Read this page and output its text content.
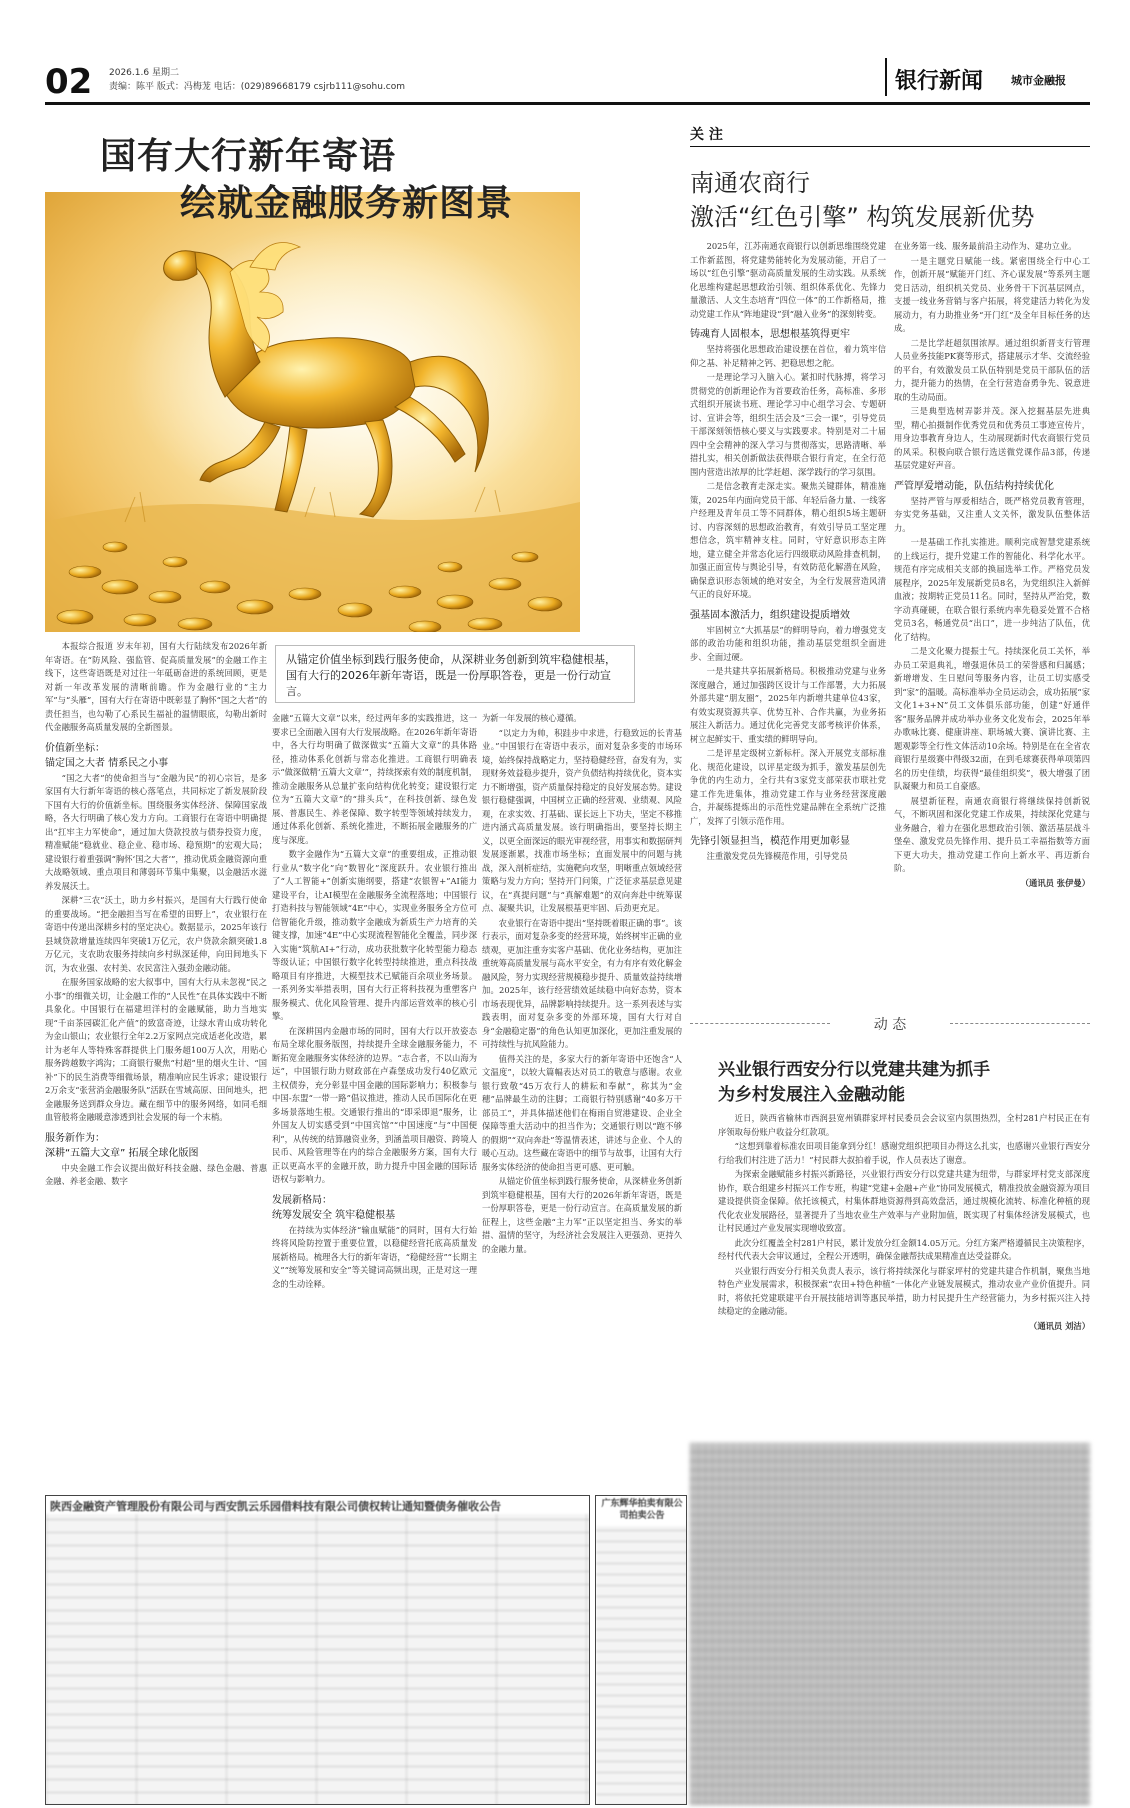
02 2026.1.6 星期二
责编：陈平 版式：冯梅茏 电话：(029)89668179 csjrb111@sohu.com	银行新闻	城市金融报
国有大行新年寄语
绘就金融服务新图景
从锚定价值坐标到践行服务使命，从深耕业务创新到筑牢稳健根基，国有大行的2026年新年寄语，既是一份厚职答卷，更是一份行动宣言。

本报综合报道 岁末年初，国有大行陆续发布2026年新年寄语。在“防风险、强监管、促高质量发展”的金融工作主线下，这些寄语既是对过往一年砥砺奋进的系统回顾，更是对新一年改革发展的清晰前瞻。作为金融行业的“主力军”与“头雁”，国有大行在寄语中既彰显了胸怀“国之大者”的责任担当，也勾勒了心系民生福祉的温情眼底，勾勒出新时代金融服务高质量发展的全新图景。

价值新坐标：
锚定国之大者 情系民之小事

“国之大者”的使命担当与“金融为民”的初心宗旨，是多家国有大行新年寄语的核心落笔点，共同标定了新发展阶段下国有大行的价值新坐标。围绕服务实体经济、保障国家战略，各大行明确了核心发力方向。工商银行在寄语中明确提出“扛牢主力军使命”，通过加大贷款投放与债券投资力度，精准赋能“稳就业、稳企业、稳市场、稳预期”的宏观大局；建设银行着重强调“胸怀‘国之大者’”，推动优质金融资源向重大战略领域、重点项目和薄弱环节集中集聚，以金融活水滋养发展沃土。

深耕“三农”沃土，助力乡村振兴，是国有大行践行使命的重要战场。“把金融担当写在希望的田野上”，农业银行在寄语中传递出深耕乡村的坚定决心。数据显示，2025年该行县域贷款增量连续四年突破1万亿元，农户贷款余额突破1.8万亿元，支农助农服务持续向乡村纵深延伸，向田间地头下沉，为农业强、农村美、农民富注入强劲金融动能。

在服务国家战略的宏大叙事中，国有大行从未忽视“民之小事”的细微关切，让金融工作的“人民性”在具体实践中不断具象化。中国银行在福建坦洋村的金融赋能，助力当地实现“千亩茶园碳汇化产值”的致富奇迹，让绿水青山成功转化为金山银山；农业银行全年2.2万家网点完成适老化改造，累计为老年人等特殊客群提供上门服务超100万人次，用贴心服务跨越数字鸿沟；工商银行聚焦“村超”里的烟火生计、“国补”下的民生消费等细微场景，精准响应民生诉求；建设银行2万余支“张营消金融服务队”活跃在雪域高原、田间地头，把金融服务送到群众身边。藏在细节中的服务网络，如同毛细血管般将金融暖意渗透到社会发展的每一个末梢。

服务新作为：
深耕“五篇大文章” 拓展全球化版图

中央金融工作会议提出做好科技金融、绿色金融、普惠金融、养老金融、数字

金融“五篇大文章”以来，经过两年多的实践推进，这一要求已全面融入国有大行发展战略。在2026年新年寄语中，各大行均明确了做深做实“五篇大文章”的具体路径，推动体系化创新与常态化推进。工商银行明确表示“做深做精‘五篇大文章’”，持续探索有效的制度机制，推动金融服务从总量扩张向结构优化转变；建设银行定位为“五篇大文章”的“排头兵”，在科技创新、绿色发展、普惠民生、养老保障、数字转型等领域持续发力，通过体系化创新、系统化推进，不断拓展金融服务的广度与深度。

数字金融作为“五篇大文章”的重要组成，正推动银行业从“数字化”向“数智化”深度跃升。农业银行推出了“人工智能+”创新实施纲要，搭建“农银智+”AI能力建设平台，让AI模型在金融服务全流程落地；中国银行打造科技与智能领域“4E”中心，实现业务服务全方位可信智能化升级，推动数字金融成为新质生产力培育的关键支撑，加速“4E”中心实现流程智能化全覆盖，同步深入实施“筑航AI+”行动，成功获批数字化转型能力稳态等级认证；中国银行数字化转型持续推进，重点科技战略项目有序推进，大模型技术已赋能百余项业务场景。一系列务实举措表明，国有大行正将科技视为重塑客户服务模式、优化风险管理、提升内部运营效率的核心引擎。

在深耕国内金融市场的同时，国有大行以开放姿态布局全球化服务版图，持续提升全球金融服务能力，不断拓宽金融服务实体经济的边界。“志合者，不以山海为远”，中国银行助力财政部在卢森堡成功发行40亿欧元主权债券，充分彰显中国金融的国际影响力；积极参与中国-东盟“一带一路”倡议推进，推动人民币国际化在更多场景落地生根。交通银行推出的“即采即退”服务，让外国友人切实感受到“中国宾馆”“中国速度”与“中国便利”，从传统的结算融资业务，到涵盖项目融资、跨境人民币、风险管理等在内的综合金融服务方案，国有大行正以更高水平的金融开放，助力提升中国金融的国际话语权与影响力。

发展新格局：
统筹发展安全 筑牢稳健根基

在持续为实体经济“输血赋能”的同时，国有大行始终将风险防控置于重要位置，以稳健经营托底高质量发展新格局。梳理各大行的新年寄语，“稳健经营”“长期主义”“统筹发展和安全”等关键词高频出现，正是对这一理念的生动诠释。

为新一年发展的核心遵循。

“以定力为帅，积跬步中求进，行稳致远的长青基业。”中国银行在寄语中表示，面对复杂多变的市场环境，始终保持战略定力，坚持稳健经营，奋发有为，实现财务效益稳步提升，资产负债结构持续优化，资本实力不断增强，资产质量保持稳定的良好发展态势。建设银行稳健强调，中国树立正确的经营观、业绩观、风险观，在求实效、打基础、谋长远上下功夫，坚定不移推进内涵式高质量发展。该行明确指出，要坚持长期主义，以更全面深远的眼光审视经营，用事实和数据研判发展逐渐累，找准市场坐标；直面发展中的问题与挑战，深入剖析症结，实施靶向攻坚，明晰重点领域经营策略与发力方向；坚持开门问策，广泛征求基层意见建议，在“真提问题”与“真解难题”的双向奔赴中统筹谋点、凝聚共识，让发展根基更牢固、后劲更充足。

农业银行在寄语中提出“坚持既着眼正确的事”。该行表示，面对复杂多变的经营环境，始终树牢正确的业绩观，更加注重夯实客户基础、优化业务结构，更加注重统筹高质量发展与高水平安全，有力有序有效化解金融风险，努力实现经营规模稳步提升、质量效益持续增加。2025年，该行经营绩效延续稳中向好态势，资本市场表现优异，品牌影响持续提升。这一系列表述与实践表明，面对复杂多变的外部环境，国有大行对自身“金融稳定器”的角色认知更加深化，更加注重发展的可持续性与抗风险能力。

值得关注的是，多家大行的新年寄语中还饱含“人文温度”，以较大篇幅表达对员工的敬意与感谢。农业银行致敬“45万农行人的耕耘和奉献”，称其为“金穗”品牌最生动的注脚；工商银行特别感谢“40多万干部员工”，并具体描述他们在梅雨自贸港建设、企业全保障等重大活动中的担当作为；交通银行则以“跑不够的假期”“双向奔赴”等温情表述，讲述与企业、个人的暖心互动。这些藏在寄语中的细节与故事，让国有大行服务实体经济的使命担当更可感、更可触。

从锚定价值坐标到践行服务使命，从深耕业务创新到筑牢稳健根基，国有大行的2026年新年寄语，既是一份厚职答卷，更是一份行动宣言。在高质量发展的新征程上，这些金融“主力军”正以坚定担当、务实的举措、温情的坚守，为经济社会发展注入更强劲、更持久的金融力量。

关 注
南通农商行
激活“红色引擎” 构筑发展新优势

2025年，江苏南通农商银行以创新思维围绕党建工作新蓝图，将党建势能转化为发展动能，开启了一场以“红色引擎”驱动高质量发展的生动实践。从系统化思维构建起思想政治引领、组织体系优化、先锋力量激活、人文生态培育“四位一体”的工作新格局，推动党建工作从“阵地建设”到“融入业务”的深刻转变。

铸魂育人固根本，思想根基筑得更牢

坚持将强化思想政治建设摆在首位，着力筑牢信仰之基、补足精神之钙、把稳思想之舵。

一是理论学习入脑入心。紧扣时代脉搏，将学习贯彻党的创新理论作为首要政治任务，高标准、多形式组织开展读书班、理论学习中心组学习会、专题研讨、宣讲会等，组织生活会及“三会一课”，引导党员干部深刻领悟核心要义与实践要求。特别是对二十届四中全会精神的深入学习与贯彻落实，思路清晰、举措扎实，相关创新做法获得联合银行肯定，在全行范围内营造出浓厚的比学赶超、深学践行的学习氛围。

二是信念教育走深走实。聚焦关键群体，精准施策，2025年内面向党员干部、年轻后备力量、一线客户经理及青年员工等不同群体，精心组织5场主题研讨、内容深刻的思想政治教育，有效引导员工坚定理想信念，筑牢精神支柱。同时，守好意识形态主阵地，建立健全并常态化运行四级联动风险排查机制，加强正面宣传与舆论引导，有效防范化解潜在风险，确保意识形态领域的绝对安全，为全行发展营造风清气正的良好环境。

强基固本激活力，组织建设提质增效

牢固树立“大抓基层”的鲜明导向，着力增强党支部的政治功能和组织功能，推动基层党组织全面进步、全面过硬。

一是共建共享拓展新格局。积极推动党建与业务深度融合，通过加强跨区设计与工作部署，大力拓展外部共建“朋友圈”，2025年内新增共建单位43家，有效实现资源共享、优势互补、合作共赢，为业务拓展注入新活力。通过优化完善党支部考核评价体系，树立起鲜实干、重实绩的鲜明导向。

二是评星定级树立新标杆。深入开展党支部标准化、规范化建设，以评星定级为抓手，激发基层创先争优的内生动力，全行共有3家党支部荣获市联社党建工作先进集体，推动党建工作与业务经营深度融合，并凝练提炼出的示范性党建品牌在全系统广泛推广，发挥了引领示范作用。

先锋引领显担当，模范作用更加彰显

注重激发党员先锋模范作用，引导党员

在业务第一线、服务最前沿主动作为、建功立业。

一是主题党日赋能一线。紧密围绕全行中心工作，创新开展“赋能开门红、齐心谋发展”等系列主题党日活动，组织机关党员、业务骨干下沉基层网点，支援一线业务营销与客户拓展，将党建活力转化为发展动力，有力助推业务“开门红”及全年目标任务的达成。

二是比学赶超氛围浓厚。通过组织新晋支行管理人员业务技能PK赛等形式，搭建展示才华、交流经验的平台，有效激发员工队伍特别是党员干部队伍的活力，提升能力的热情，在全行营造奋勇争先、锐意进取的生动局面。

三是典型选树弄影并茂。深入挖掘基层先进典型，精心拍摄制作优秀党员和优秀员工事迹宣传片，用身边事教育身边人，生动展现新时代农商银行党员的风采。积极向联合银行选送微党课作品3部，传递基层党建好声音。

严管厚爱增动能，队伍结构持续优化

坚持严管与厚爱相结合，既严格党员教育管理，夯实党务基础，又注重人文关怀，激发队伍整体活力。

一是基础工作扎实推进。顺利完成智慧党建系统的上线运行，提升党建工作的智能化、科学化水平。规范有序完成相关支部的换届选举工作。严格党员发展程序，2025年发展新党员8名，为党组织注入新鲜血液；按期转正党员11名。同时，坚持从严治党，数字动真碰硬，在联合银行系统内率先稳妥处置不合格党员3名，畅通党员“出口”，进一步纯洁了队伍，优化了结构。

二是文化聚力提振士气。持续深化员工关怀，举办员工荣退典礼，增强退休员工的荣誉感和归属感；新增增发、生日慰问等服务内容，让员工切实感受到“家”的温暖。高标准举办全员运动会，成功拓展“家文化1+3+N”员工文体俱乐部功能，创建“好通伴客”服务品牌并成功举办业务文化发布会，2025年举办歌咏比赛、健康讲座、职场城大赛、演讲比赛、主题观影等全行性文体活动10余场。特别是在在全省农商银行星级赛中得级32面，在到毛球赛获得单项第四名的历史佳绩，均获得“最佳组织奖”，极大增强了团队凝聚力和员工自豪感。

展望新征程，南通农商银行将继续保持创新锐气，不断巩固和深化党建工作成果，持续深化党建与业务融合，着力在强化思想政治引领、激活基层战斗堡垒、激发党员先锋作用、提升员工幸福指数等方面下更大功夫，推动党建工作向上新水平、再迈新台阶。

（通讯员 张伊曼）

动 态
兴业银行西安分行以党建共建为抓手
为乡村发展注入金融动能

近日，陕西省榆林市西润县宽州镇群家坪村民委员会会议室内氛围热烈，全村281户村民正在有序领取每份账户收益分红款项。

“这想到靠着标准农田项目能拿到分红！感谢党组织把项目办得这么扎实，也感谢兴业银行西安分行给我们村注进了活力！”村民群大叔拍着手说，作人员表达了谢意。

为探索金融赋能乡村振兴新路径，兴业银行西安分行以党建共建为纽带，与群家坪村党支部深度协作，联合组建乡村振兴工作专班，构建“党建+金融+产业”协同发展模式，精准投放金融资源为项目建设提供资金保障。依托该模式，村集体群地资源得到高效盘活，通过规模化流转、标准化种植的现代化农业发展路径，显著提升了当地农业生产效率与产业附加值，既实现了村集体经济发展模式，也让村民通过产业发展实现增收致富。

此次分红覆盖全村281户村民，累计发放分红金额14.05万元。分红方案严格遵循民主决策程序，经村代代表大会审议通过，全程公开透明，确保金融帮扶成果精准直达受益群众。

兴业银行西安分行相关负责人表示，该行将持续深化与群家坪村的党建共建合作机制，聚焦当地特色产业发展需求，积极探索“农田+特色种植”一体化产业链发展模式，推动农业产业价值提升。同时，将依托党建联建平台开展技能培训等惠民举措，助力村民提升生产经营能力，为乡村振兴注入持续稳定的金融动能。

（通讯员 刘洁）

陕西金融资产管理股份有限公司与西安凯云乐园借料技有限公司债权转让通知暨债务催收公告	广东辉华拍卖有限公司拍卖公告
